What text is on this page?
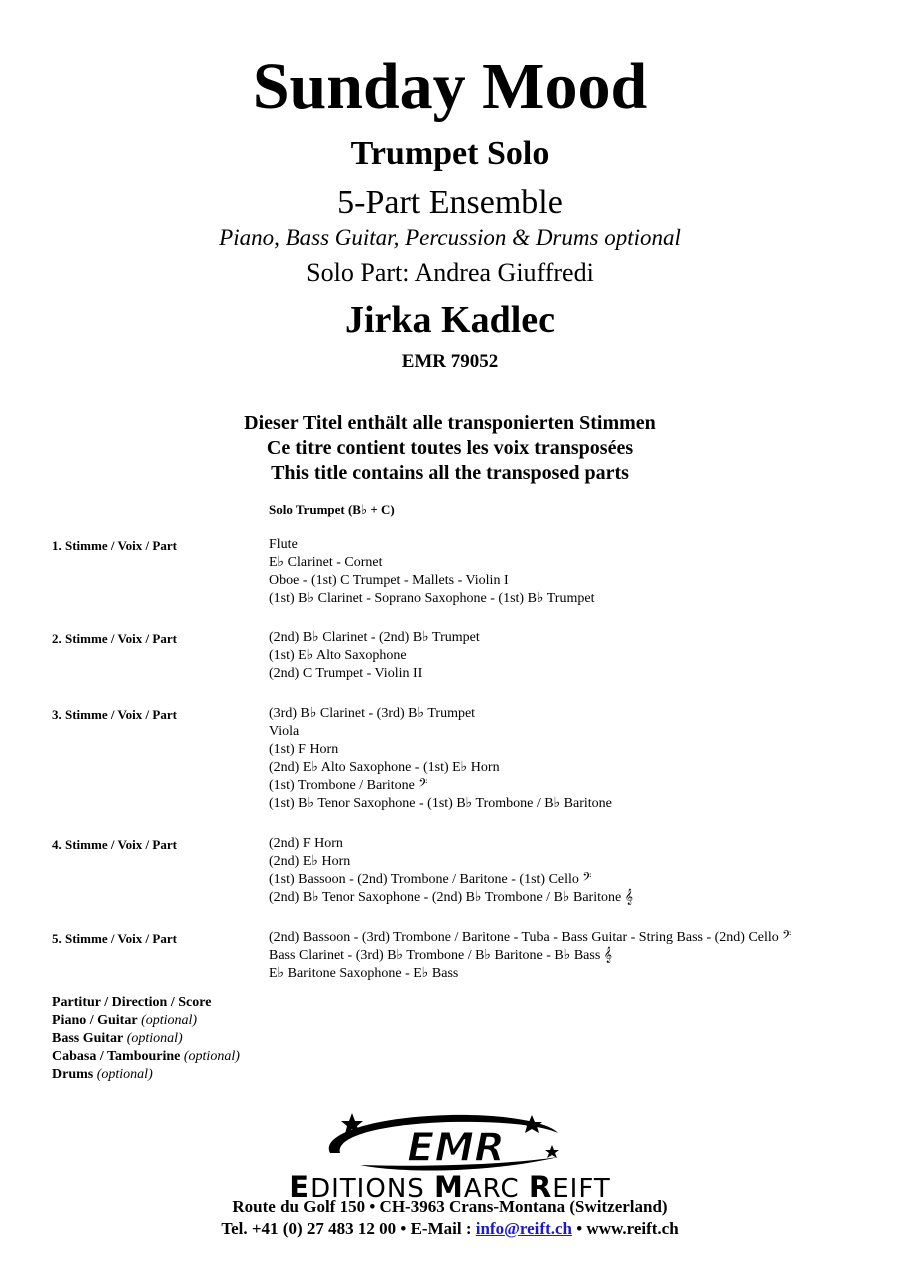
Sunday Mood
Trumpet Solo
5-Part Ensemble
Piano, Bass Guitar, Percussion & Drums optional
Solo Part: Andrea Giuffredi
Jirka Kadlec
EMR 79052
Dieser Titel enthält alle transponierten Stimmen
Ce titre contient toutes les voix transposées
This title contains all the transposed parts
Solo Trumpet (B♭ + C)
1. Stimme / Voix / Part	Flute
E♭ Clarinet - Cornet
Oboe - (1st) C Trumpet - Mallets - Violin I
(1st) B♭ Clarinet - Soprano Saxophone - (1st) B♭ Trumpet
2. Stimme / Voix / Part	(2nd) B♭ Clarinet - (2nd) B♭ Trumpet
(1st) E♭ Alto Saxophone
(2nd) C Trumpet - Violin II
3. Stimme / Voix / Part	(3rd) B♭ Clarinet - (3rd) B♭ Trumpet
Viola
(1st) F Horn
(2nd) E♭ Alto Saxophone - (1st) E♭ Horn
(1st) Trombone / Baritone 𝄢
(1st) B♭ Tenor Saxophone - (1st) B♭ Trombone / B♭ Baritone
4. Stimme / Voix / Part	(2nd) F Horn
(2nd) E♭ Horn
(1st) Bassoon - (2nd) Trombone / Baritone - (1st) Cello 𝄢
(2nd) B♭ Tenor Saxophone - (2nd) B♭ Trombone / B♭ Baritone 𝄞
5. Stimme / Voix / Part	(2nd) Bassoon - (3rd) Trombone / Baritone - Tuba - Bass Guitar - String Bass - (2nd) Cello 𝄢
Bass Clarinet - (3rd) B♭ Trombone / B♭ Baritone - B♭ Bass 𝄞
E♭ Baritone Saxophone - E♭ Bass
Partitur / Direction / Score
Piano / Guitar (optional)
Bass Guitar (optional)
Cabasa / Tambourine (optional)
Drums (optional)
EMR
EDITIONS MARC REIFT
Route du Golf 150 • CH-3963 Crans-Montana (Switzerland)
Tel. +41 (0) 27 483 12 00 • E-Mail : info@reift.ch • www.reift.ch
